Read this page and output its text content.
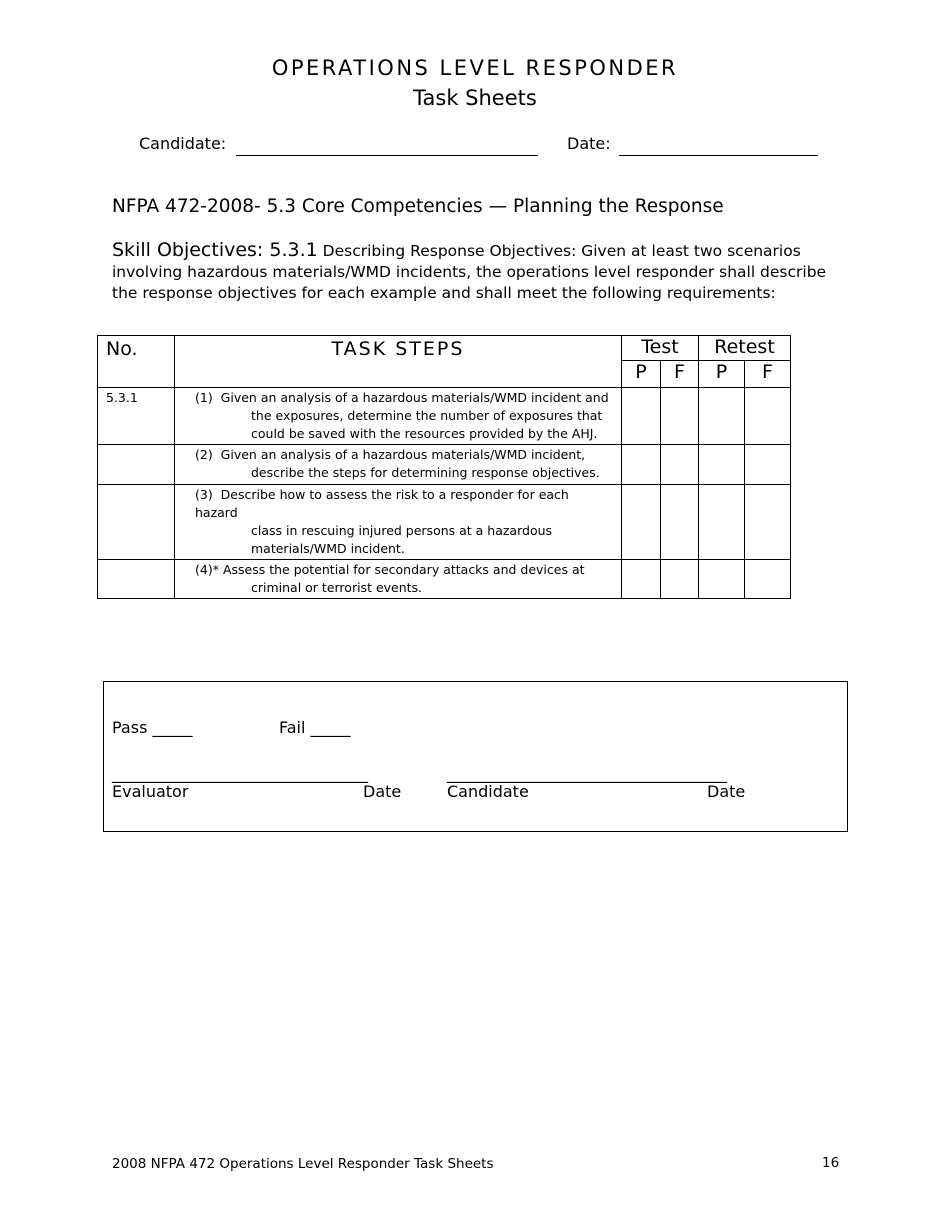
OPERATIONS LEVEL RESPONDER
Task Sheets
Candidate:	Date:
NFPA 472-2008- 5.3 Core Competencies — Planning the Response
Skill Objectives: 5.3.1 Describing Response Objectives: Given at least two scenarios involving hazardous materials/WMD incidents, the operations level responder shall describe the response objectives for each example and shall meet the following requirements:
No.	TASK STEPS	Test		Retest	
		P	F	P	F
5.3.1	(1) Given an analysis of a hazardous materials/WMD incident and
the exposures, determine the number of exposures that could be saved with the resources provided by the AHJ.				

	(2) Given an analysis of a hazardous materials/WMD incident,
describe the steps for determining response objectives.				

	(3) Describe how to assess the risk to a responder for each hazard
class in rescuing injured persons at a hazardous materials/WMD incident.				

	(4)* Assess the potential for secondary attacks and devices at
criminal or terrorist events.				

Pass _____	Fail _____
________________________________	___________________________________
Evaluator	Date	Candidate	Date
2008 NFPA 472 Operations Level Responder Task Sheets	16
